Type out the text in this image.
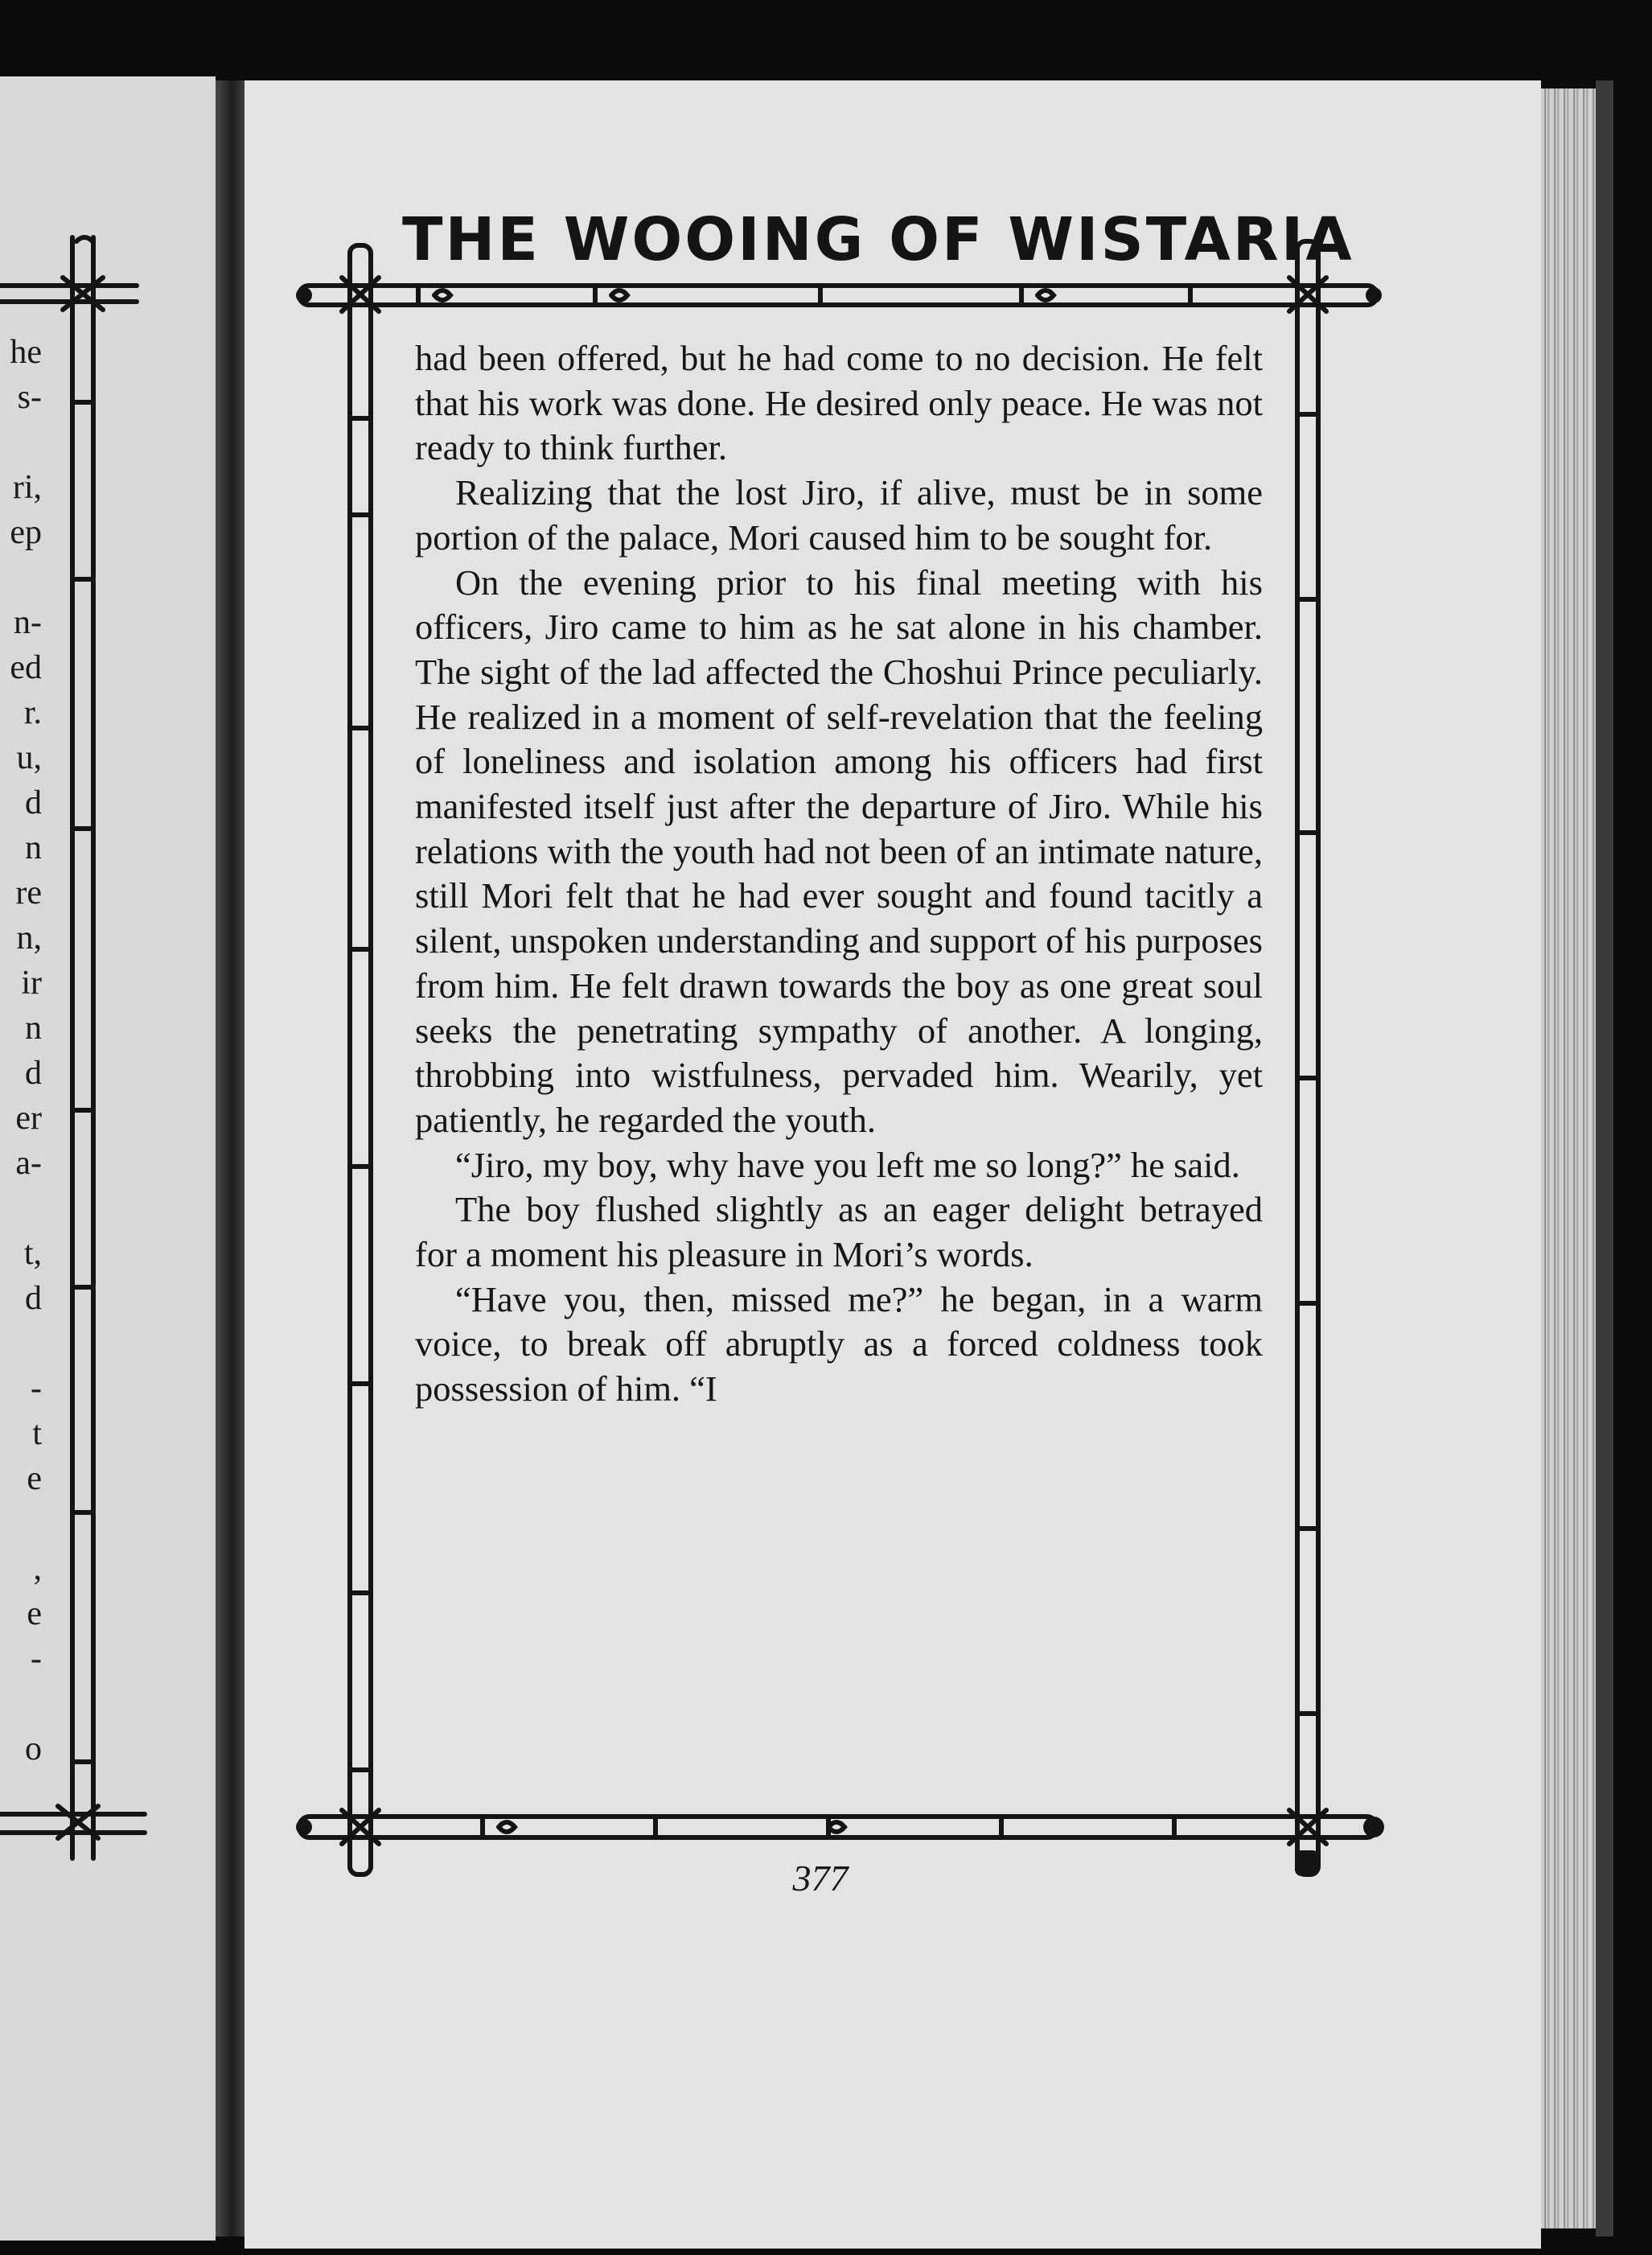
he
s-
ri,
ep
n-
ed
r.
u,
d
n
re
n,
ir
n
d
er
a-
t,
d
-
t
e
,
e
-
o
THE WOOING OF WISTARIA

had been offered, but he had come to no decision. He felt that his work was done. He desired only peace. He was not ready to think further.

Realizing that the lost Jiro, if alive, must be in some portion of the palace, Mori caused him to be sought for.

On the evening prior to his final meeting with his officers, Jiro came to him as he sat alone in his chamber. The sight of the lad affected the Choshui Prince peculiarly. He realized in a moment of self-revelation that the feeling of loneliness and isolation among his officers had first manifested itself just after the departure of Jiro. While his relations with the youth had not been of an intimate nature, still Mori felt that he had ever sought and found tacitly a silent, unspoken understanding and support of his purposes from him. He felt drawn towards the boy as one great soul seeks the penetrating sympathy of another. A longing, throbbing into wistfulness, pervaded him. Wearily, yet patiently, he regarded the youth.

“Jiro, my boy, why have you left me so long?” he said.

The boy flushed slightly as an eager delight betrayed for a moment his pleasure in Mori’s words.

“Have you, then, missed me?” he began, in a warm voice, to break off abruptly as a forced coldness took possession of him. “I

377
